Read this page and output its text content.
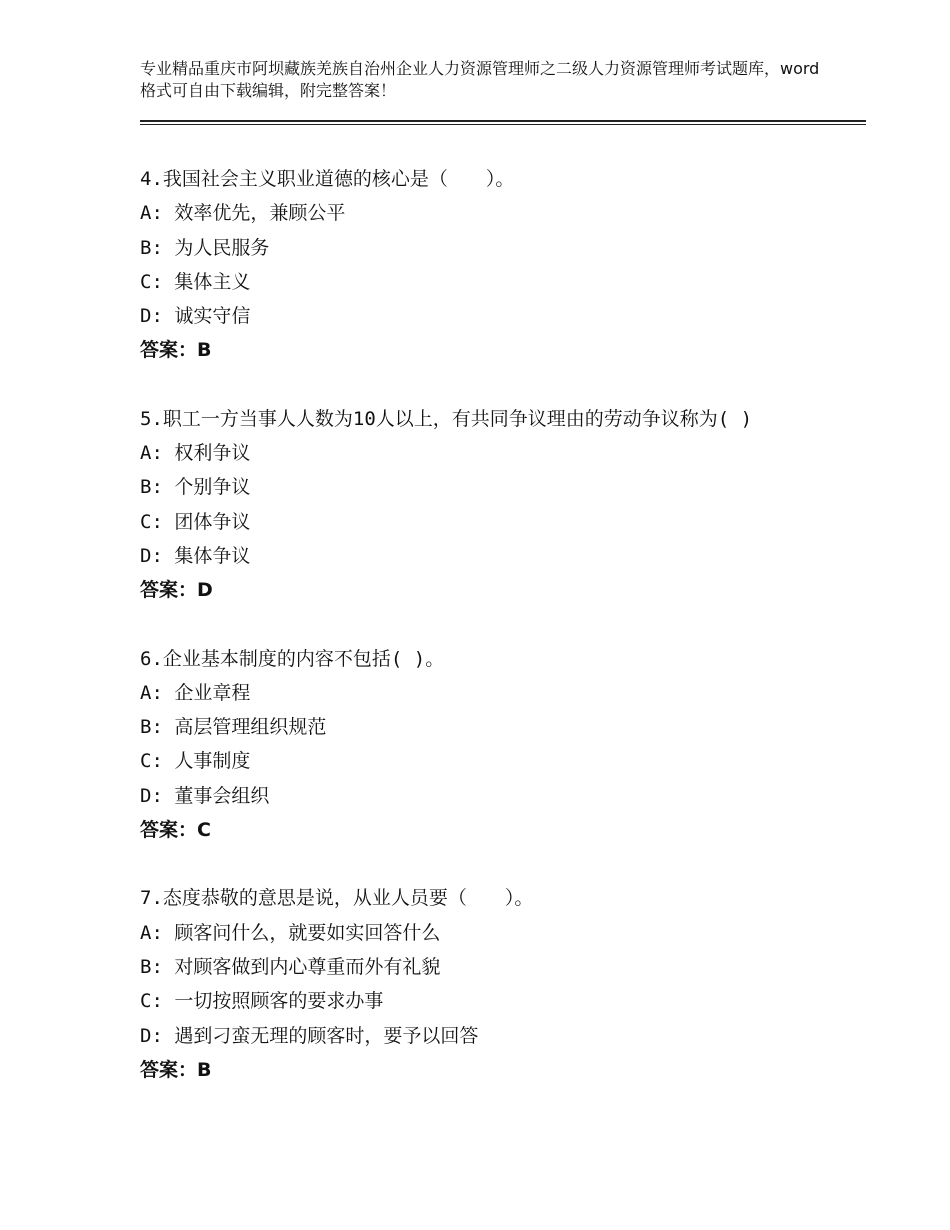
专业精品重庆市阿坝藏族羌族自治州企业人力资源管理师之二级人力资源管理师考试题库，word格式可自由下载编辑，附完整答案！
4.我国社会主义职业道德的核心是（　　）。
A: 效率优先，兼顾公平
B: 为人民服务
C: 集体主义
D: 诚实守信
答案：B
5.职工一方当事人人数为10人以上，有共同争议理由的劳动争议称为( )
A: 权利争议
B: 个别争议
C: 团体争议
D: 集体争议
答案：D
6.企业基本制度的内容不包括( )。
A: 企业章程
B: 高层管理组织规范
C: 人事制度
D: 董事会组织
答案：C
7.态度恭敬的意思是说，从业人员要（　　）。
A: 顾客问什么，就要如实回答什么
B: 对顾客做到内心尊重而外有礼貌
C: 一切按照顾客的要求办事
D: 遇到刁蛮无理的顾客时，要予以回答
答案：B
